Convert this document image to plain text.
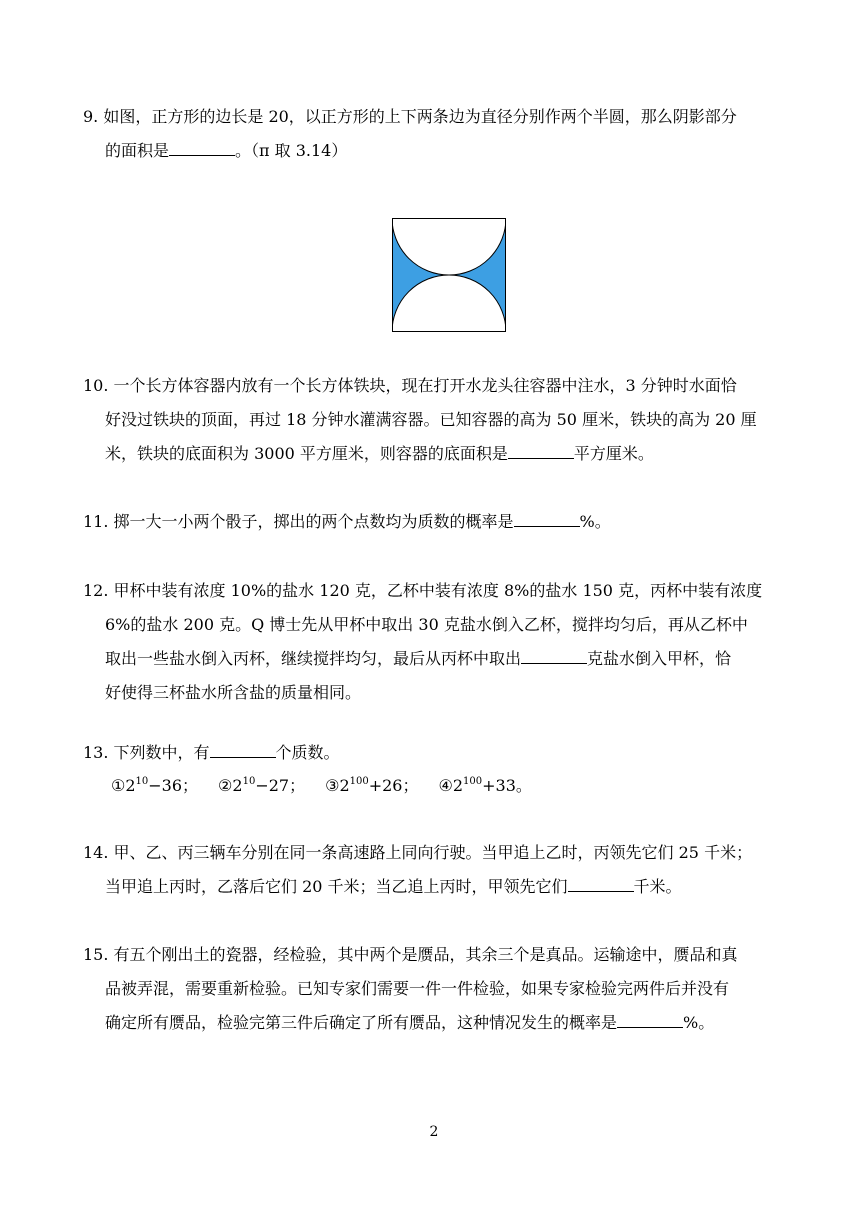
9. 如图，正方形的边长是 20，以正方形的上下两条边为直径分别作两个半圆，那么阴影部分
的面积是	。（π 取 3.14）
10. 一个长方体容器内放有一个长方体铁块，现在打开水龙头往容器中注水，3 分钟时水面恰
好没过铁块的顶面，再过 18 分钟水灌满容器。已知容器的高为 50 厘米，铁块的高为 20 厘
米，铁块的底面积为 3000 平方厘米，则容器的底面积是	平方厘米。
11. 掷一大一小两个骰子，掷出的两个点数均为质数的概率是	%。
12. 甲杯中装有浓度 10%的盐水 120 克，乙杯中装有浓度 8%的盐水 150 克，丙杯中装有浓度
6%的盐水 200 克。Q 博士先从甲杯中取出 30 克盐水倒入乙杯，搅拌均匀后，再从乙杯中
取出一些盐水倒入丙杯，继续搅拌均匀，最后从丙杯中取出	克盐水倒入甲杯，恰
好使得三杯盐水所含盐的质量相同。
13. 下列数中，有	个质数。
$①2^{10}-36$； $②2^{10}-27$； $③2^{100}+26$； $④2^{100}+33$。
14. 甲、乙、丙三辆车分别在同一条高速路上同向行驶。当甲追上乙时，丙领先它们 25 千米；
当甲追上丙时，乙落后它们 20 千米；当乙追上丙时，甲领先它们	千米。
15. 有五个刚出土的瓷器，经检验，其中两个是赝品，其余三个是真品。运输途中，赝品和真
品被弄混，需要重新检验。已知专家们需要一件一件检验，如果专家检验完两件后并没有
确定所有赝品，检验完第三件后确定了所有赝品，这种情况发生的概率是	%。
2
